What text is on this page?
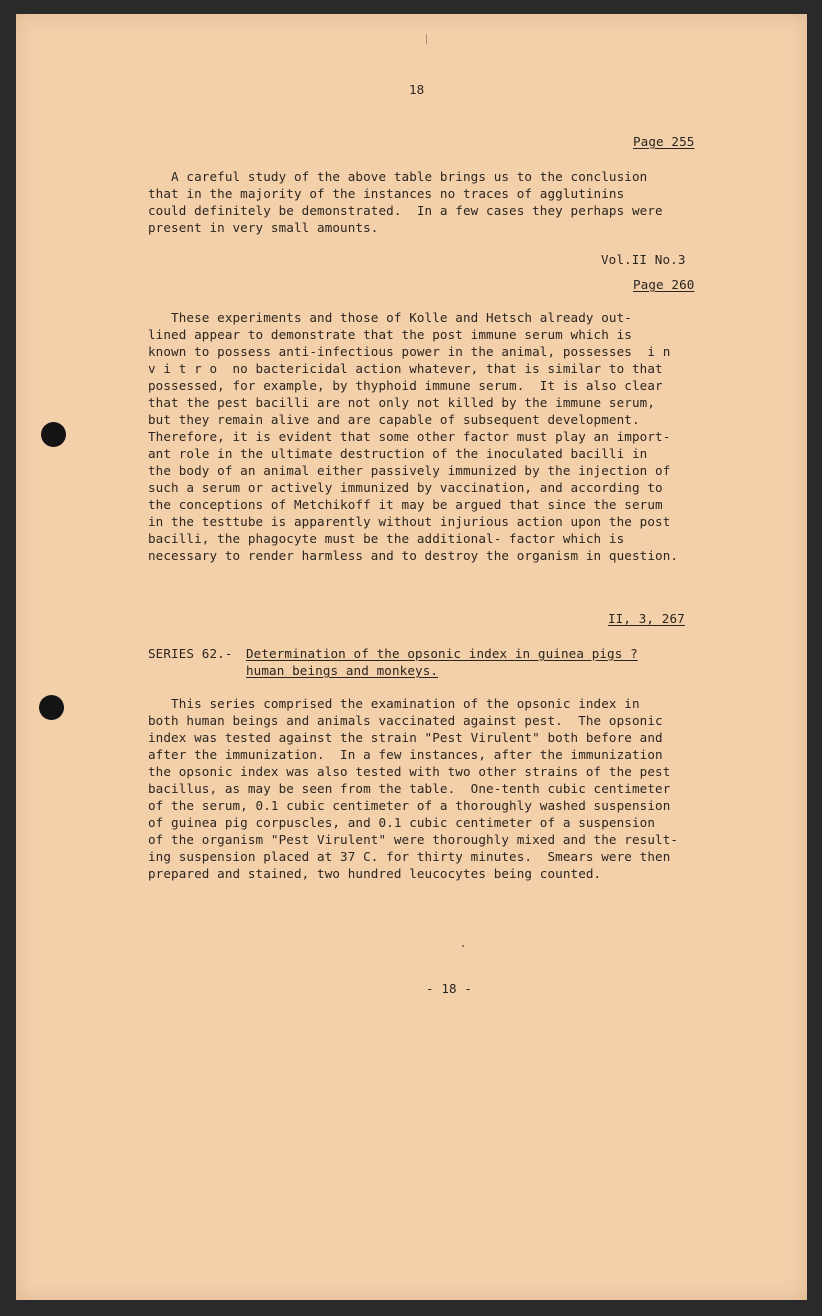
18
Page 255
A careful study of the above table brings us to the conclusion
that in the majority of the instances no traces of agglutinins
could definitely be demonstrated.  In a few cases they perhaps were
present in very small amounts.
Vol.II No.3
Page 260
These experiments and those of Kolle and Hetsch already out-
lined appear to demonstrate that the post immune serum which is
known to possess anti-infectious power in the animal, possesses  i n
v i t r o  no bactericidal action whatever, that is similar to that
possessed, for example, by thyphoid immune serum.  It is also clear
that the pest bacilli are not only not killed by the immune serum,
but they remain alive and are capable of subsequent development.
Therefore, it is evident that some other factor must play an import-
ant role in the ultimate destruction of the inoculated bacilli in
the body of an animal either passively immunized by the injection of
such a serum or actively immunized by vaccination, and according to
the conceptions of Metchikoff it may be argued that since the serum
in the testtube is apparently without injurious action upon the post
bacilli, the phagocyte must be the additional- factor which is
necessary to render harmless and to destroy the organism in question.
II, 3, 267
SERIES 62.- Determination of the opsonic index in guinea pigs ?
human beings and monkeys.
This series comprised the examination of the opsonic index in
both human beings and animals vaccinated against pest.  The opsonic
index was tested against the strain "Pest Virulent" both before and
after the immunization.  In a few instances, after the immunization
the opsonic index was also tested with two other strains of the pest
bacillus, as may be seen from the table.  One-tenth cubic centimeter
of the serum, 0.1 cubic centimeter of a thoroughly washed suspension
of guinea pig corpuscles, and 0.1 cubic centimeter of a suspension
of the organism "Pest Virulent" were thoroughly mixed and the result-
ing suspension placed at 37 C. for thirty minutes.  Smears were then
prepared and stained, two hundred leucocytes being counted.
- 18 -
